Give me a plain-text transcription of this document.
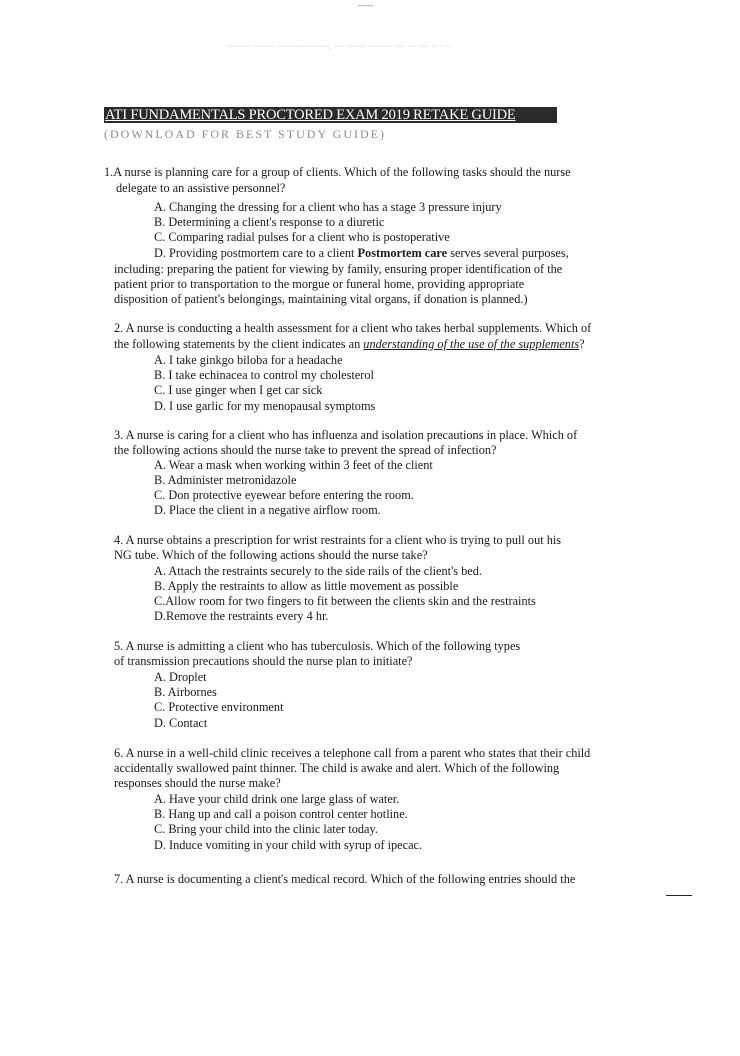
-----
~~~~~ ~~~~ ~~~~~~~~~~~, ~~ ~~~~ ~~~~~ ~~ ~~ ~~ ~ ~ ~
ATI FUNDAMENTALS PROCTORED EXAM 2019 RETAKE GUIDE
(DOWNLOAD FOR BEST STUDY GUIDE)
1.A nurse is planning care for a group of clients. Which of the following tasks should the nurse
delegate to an assistive personnel?
A. Changing the dressing for a client who has a stage 3 pressure injury
B. Determining a client's response to a diuretic
C. Comparing radial pulses for a client who is postoperative
D. Providing postmortem care to a client Postmortem care serves several purposes,
including: preparing the patient for viewing by family, ensuring proper identification of the
patient prior to transportation to the morgue or funeral home, providing appropriate
disposition of patient's belongings, maintaining vital organs, if donation is planned.)
2. A nurse is conducting a health assessment for a client who takes herbal supplements. Which of
the following statements by the client indicates an understanding of the use of the supplements?
A. I take ginkgo biloba for a headache
B. I take echinacea to control my cholesterol
C. I use ginger when I get car sick
D. I use garlic for my menopausal symptoms
3. A nurse is caring for a client who has influenza and isolation precautions in place. Which of
the following actions should the nurse take to prevent the spread of infection?
A. Wear a mask when working within 3 feet of the client
B. Administer metronidazole
C. Don protective eyewear before entering the room.
D. Place the client in a negative airflow room.
4. A nurse obtains a prescription for wrist restraints for a client who is trying to pull out his
NG tube. Which of the following actions should the nurse take?
A. Attach the restraints securely to the side rails of the client's bed.
B. Apply the restraints to allow as little movement as possible
C.Allow room for two fingers to fit between the clients skin and the restraints
D.Remove the restraints every 4 hr.
5. A nurse is admitting a client who has tuberculosis. Which of the following types
of transmission precautions should the nurse plan to initiate?
A. Droplet
B. Airbornes
C. Protective environment
D. Contact
6. A nurse in a well-child clinic receives a telephone call from a parent who states that their child
accidentally swallowed paint thinner. The child is awake and alert. Which of the following
responses should the nurse make?
A. Have your child drink one large glass of water.
B. Hang up and call a poison control center hotline.
C. Bring your child into the clinic later today.
D. Induce vomiting in your child with syrup of ipecac.
7. A nurse is documenting a client's medical record. Which of the following entries should the
